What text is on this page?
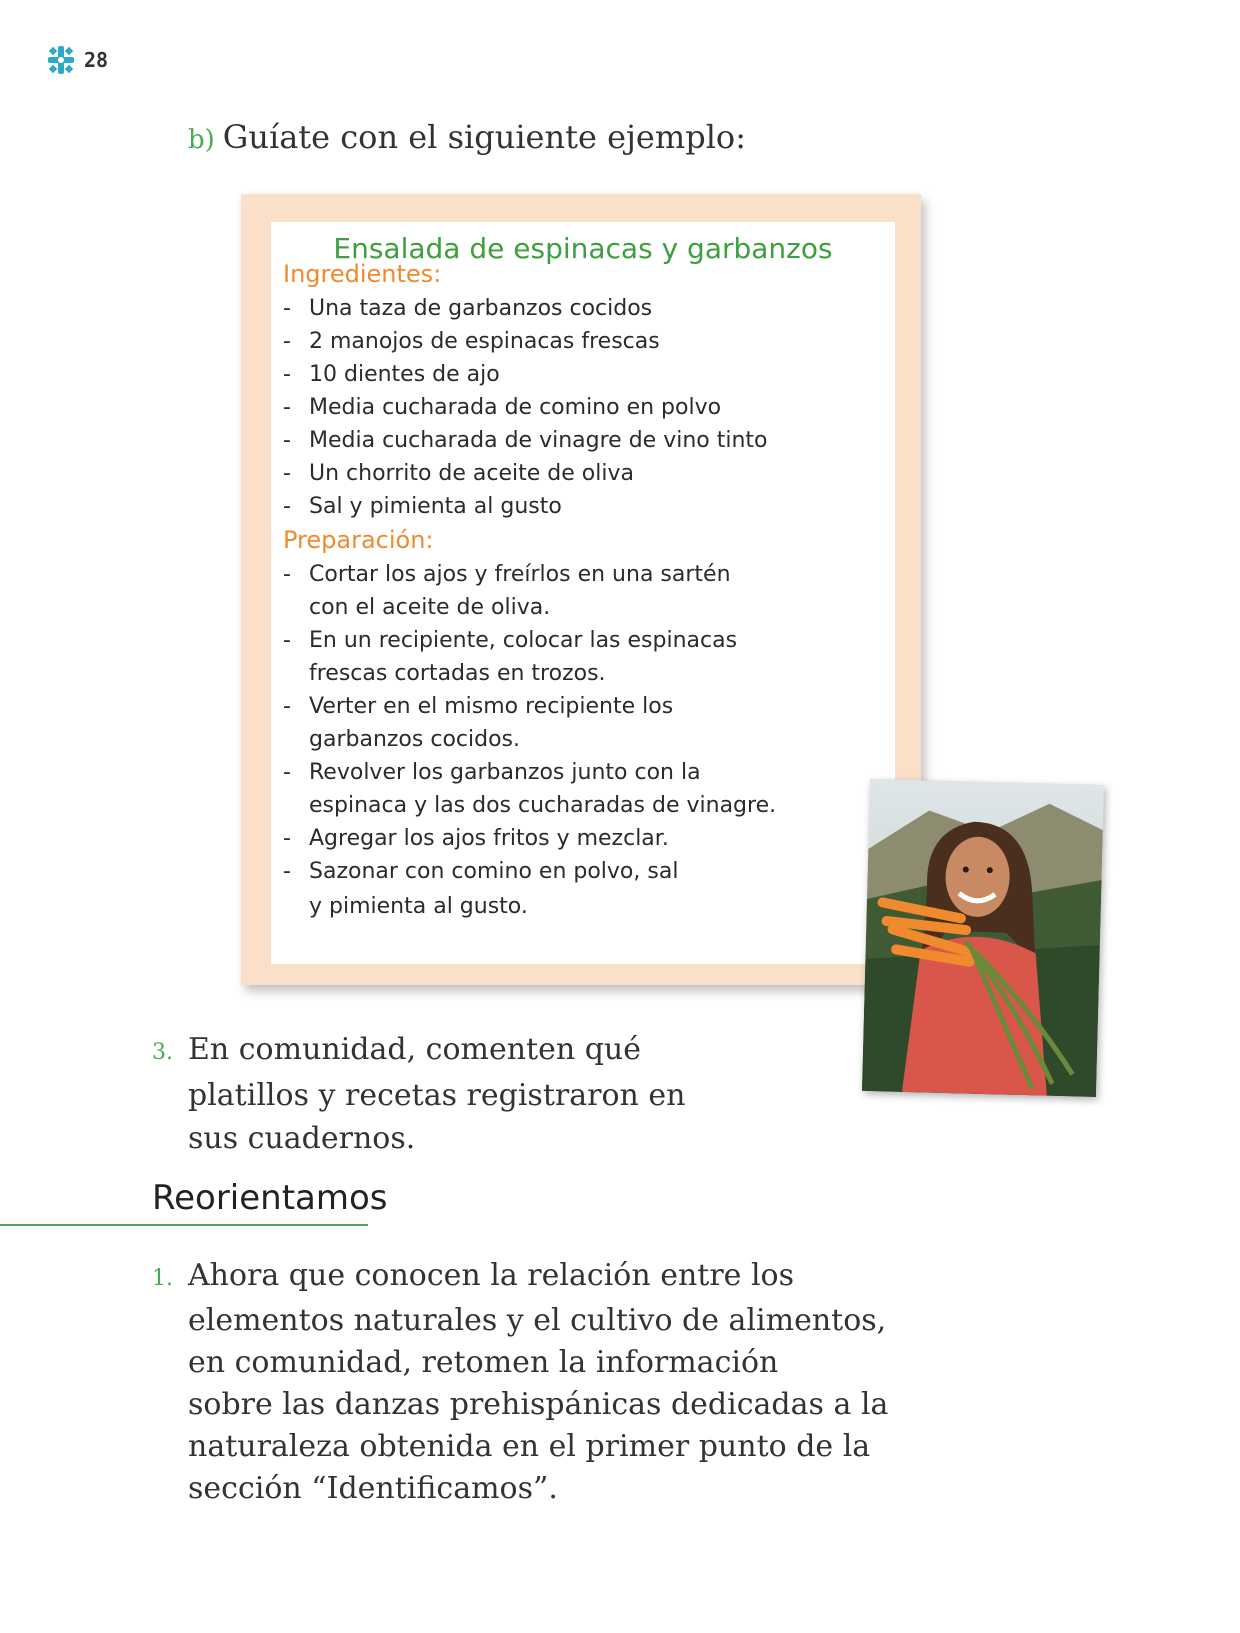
28
b) Guíate con el siguiente ejemplo:
Ensalada de espinacas y garbanzos
Ingredientes:
- Una taza de garbanzos cocidos
- 2 manojos de espinacas frescas
- 10 dientes de ajo
- Media cucharada de comino en polvo
- Media cucharada de vinagre de vino tinto
- Un chorrito de aceite de oliva
- Sal y pimienta al gusto
Preparación:
- Cortar los ajos y freírlos en una sartén
con el aceite de oliva.
- En un recipiente, colocar las espinacas
frescas cortadas en trozos.
- Verter en el mismo recipiente los
garbanzos cocidos.
- Revolver los garbanzos junto con la
espinaca y las dos cucharadas de vinagre.
- Agregar los ajos fritos y mezclar.
- Sazonar con comino en polvo, sal
y pimienta al gusto.
3. En comunidad, comenten qué
platillos y recetas registraron en
sus cuadernos.
Reorientamos
1. Ahora que conocen la relación entre los
elementos naturales y el cultivo de alimentos,
en comunidad, retomen la información
sobre las danzas prehispánicas dedicadas a la
naturaleza obtenida en el primer punto de la
sección “Identificamos”.
